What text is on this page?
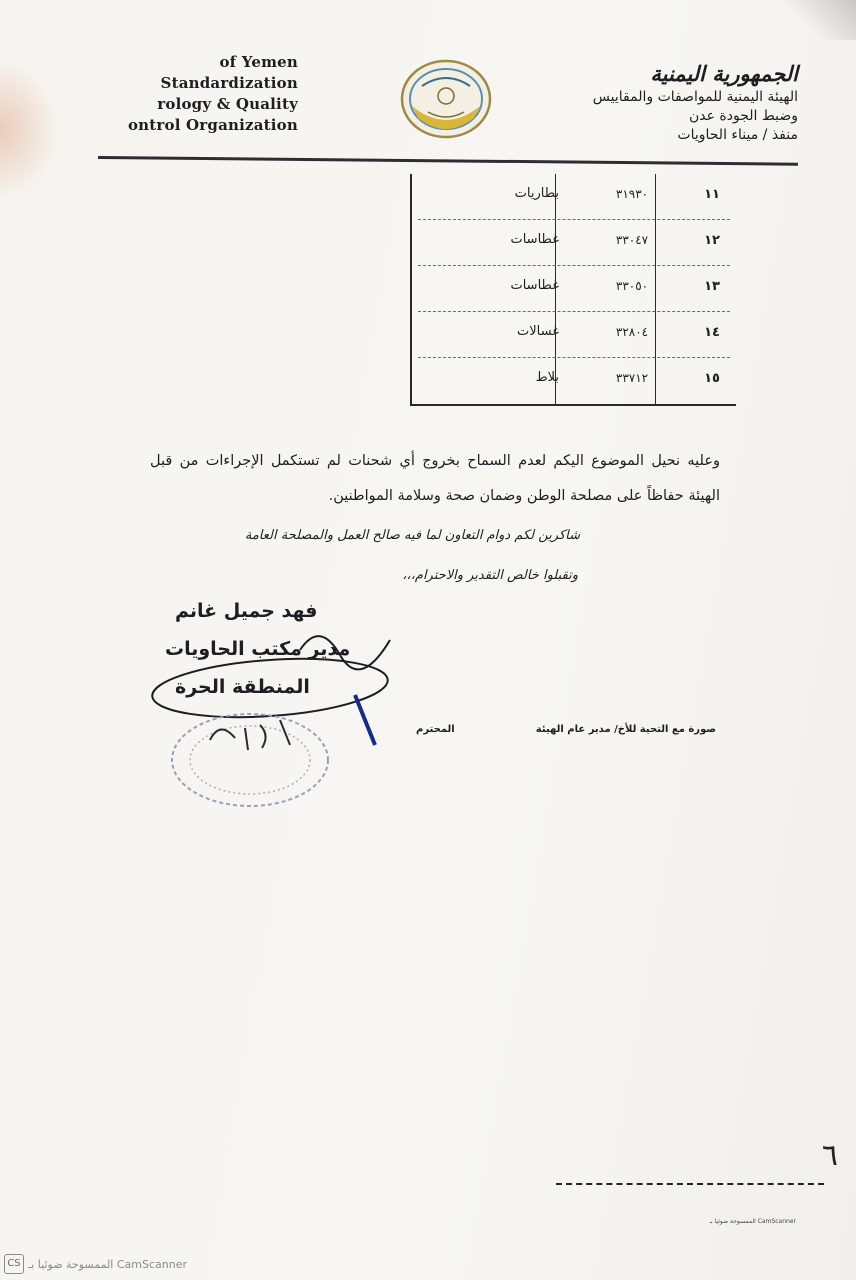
of Yemen
Standardization
rology & Quality
ontrol Organization
الجمهورية اليمنية
الهيئة اليمنية للمواصفات والمقاييس
وضبط الجودة عدن
منفذ / ميناء الحاويات
بطاريات	٣١٩٣٠	١١
غطاسات	٣٣٠٤٧	١٢
غطاسات	٣٣٠٥٠	١٣
غسالات	٣٢٨٠٤	١٤
بلاط	٣٣٧١٢	١٥
وعليه نحيل الموضوع اليكم لعدم السماح بخروج أي شحنات لم تستكمل الإجراءات من قبل الهيئة حفاظاً على مصلحة الوطن وضمان صحة وسلامة المواطنين.
شاكرين لكم دوام التعاون لما فيه صالح العمل والمصلحة العامة
وتقبلوا خالص التقدير والاحترام،،،
فهد جميل غانم
مدير مكتب الحاويات
المنطقة الحرة
صورة مع التحية للأخ/ مدير عام الهيئة
المحترم
٦
الممسوحة ضوئيا بـ CamScanner
CS الممسوحة ضوئيا بـ CamScanner
